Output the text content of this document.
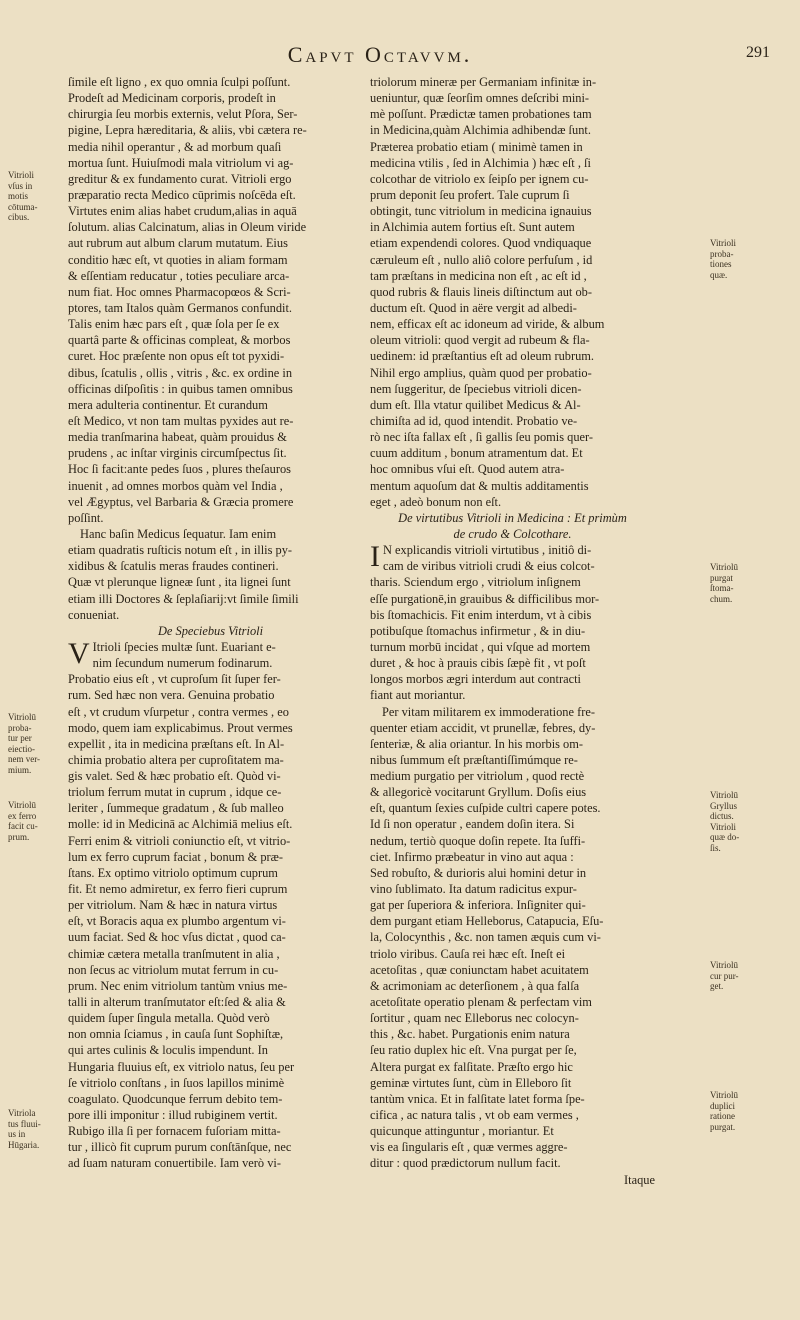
Capvt Octavvm.	291
ſimile eſt ligno , ex quo omnia ſculpi poſſunt.
Prodeſt ad Medicinam corporis, prodeſt in
chirurgia ſeu morbis externis, velut Pſora, Ser-
pigine, Lepra hæreditaria, & aliis, vbi cætera re-
media nihil operantur , & ad morbum quaſi
mortua ſunt. Huiuſmodi mala vitriolum vi ag-
greditur & ex fundamento curat. Vitrioli ergo
præparatio recta Medico cūprimis noſcēda eſt.
Virtutes enim alias habet crudum,alias in aquā
ſolutum. alias Calcinatum, alias in Oleum viride
aut rubrum aut album clarum mutatum. Eius
conditio hæc eſt, vt quoties in aliam formam
& eſſentiam reducatur , toties peculiare arca-
num fiat. Hoc omnes Pharmacopœos & Scri-
ptores, tam Italos quàm Germanos confundit.
Talis enim hæc pars eſt , quæ ſola per ſe ex
quartâ parte & officinas compleat, & morbos
curet. Hoc præſente non opus eſt tot pyxidi-
dibus, ſcatulis , ollis , vitris , &c. ex ordine in
officinas diſpoſitis : in quibus tamen omnibus
mera adulteria continentur. Et curandum
eſt Medico, vt non tam multas pyxides aut re-
media tranſmarina habeat, quàm prouidus &
prudens , ac inſtar virginis circumſpectus ſit.
Hoc ſi facit:ante pedes ſuos , plures theſauros
inuenit , ad omnes morbos quàm vel India ,
vel Ægyptus, vel Barbaria & Græcia promere
poſſint.
Hanc baſin Medicus ſequatur. Iam enim
etiam quadratis ruſticis notum eſt , in illis py-
xidibus & ſcatulis meras fraudes contineri.
Quæ vt plerunque ligneæ ſunt , ita lignei ſunt
etiam illi Doctores & ſeplaſiarij:vt ſimile ſimili
conueniat.
De Speciebus Vitrioli
V Itrioli ſpecies multæ ſunt. Euariant e-
nim ſecundum numerum fodinarum.
Probatio eius eſt , vt cuproſum ſit ſuper fer-
rum. Sed hæc non vera. Genuina probatio
eſt , vt crudum vſurpetur , contra vermes , eo
modo, quem iam explicabimus. Prout vermes
expellit , ita in medicina præſtans eſt. In Al-
chimia probatio altera per cuproſitatem ma-
gis valet. Sed & hæc probatio eſt. Quòd vi-
triolum ferrum mutat in cuprum , idque ce-
leriter , ſummeque gradatum , & ſub malleo
molle: id in Medicinā ac Alchimiā melius eſt.
Ferri enim & vitrioli coniunctio eſt, vt vitrio-
lum ex ferro cuprum faciat , bonum & præ-
ſtans. Ex optimo vitriolo optimum cuprum
fit. Et nemo admiretur, ex ferro fieri cuprum
per vitriolum. Nam & hæc in natura virtus
eſt, vt Boracis aqua ex plumbo argentum vi-
uum faciat. Sed & hoc vſus dictat , quod ca-
chimiæ cætera metalla tranſmutent in alia ,
non ſecus ac vitriolum mutat ferrum in cu-
prum. Nec enim vitriolum tantùm vnius me-
talli in alterum tranſmutator eſt:ſed & alia &
quidem ſuper ſingula metalla. Quòd verò
non omnia ſciamus , in cauſa ſunt Sophiſtæ,
qui artes culinis & loculis impendunt. In
Hungaria fluuius eſt, ex vitriolo natus, ſeu per
ſe vitriolo conſtans , in ſuos lapillos minimè
coagulato. Quodcunque ferrum debito tem-
pore illi imponitur : illud rubiginem vertit.
Rubigo illa ſi per fornacem fuſoriam mitta-
tur , illicò fit cuprum purum conſtānſque, nec
ad ſuam naturam conuertibile. Iam verò vi-
triolorum mineræ per Germaniam infinitæ in-
ueniuntur, quæ ſeorſim omnes deſcribi mini-
mè poſſunt. Prædictæ tamen probationes tam
in Medicina,quàm Alchimia adhibendæ ſunt.
Præterea probatio etiam ( minimè tamen in
medicina vtilis , ſed in Alchimia ) hæc eſt , ſi
colcothar de vitriolo ex ſeipſo per ignem cu-
prum deponit ſeu profert. Tale cuprum ſi
obtingit, tunc vitriolum in medicina ignauius
in Alchimia autem fortius eſt. Sunt autem
etiam expendendi colores. Quod vndiquaque
cæruleum eſt , nullo aliô colore perfuſum , id
tam præſtans in medicina non eſt , ac eſt id ,
quod rubris & flauis lineis diſtinctum aut ob-
ductum eſt. Quod in aëre vergit ad albedi-
nem, efficax eſt ac idoneum ad viride, & album
oleum vitrioli: quod vergit ad rubeum & fla-
uedinem: id præſtantius eſt ad oleum rubrum.
Nihil ergo amplius, quàm quod per probatio-
nem ſuggeritur, de ſpeciebus vitrioli dicen-
dum eſt. Illa vtatur quilibet Medicus & Al-
chimiſta ad id, quod intendit. Probatio ve-
rò nec iſta fallax eſt , ſi gallis ſeu pomis quer-
cuum additum , bonum atramentum dat. Et
hoc omnibus vſui eſt. Quod autem atra-
mentum aquoſum dat & multis additamentis
eget , adeò bonum non eſt.
De virtutibus Vitrioli in Medicina : Et primùm
de crudo & Colcothare.
I N explicandis vitrioli virtutibus , initiô di-
cam de viribus vitrioli crudi & eius colcot-
tharis. Sciendum ergo , vitriolum inſignem
eſſe purgationē,in grauibus & difficilibus mor-
bis ſtomachicis. Fit enim interdum, vt à cibis
potibuſque ſtomachus infirmetur , & in diu-
turnum morbū incidat , qui vſque ad mortem
duret , & hoc à prauis cibis ſæpè fit , vt poſt
longos morbos ægri interdum aut contracti
fiant aut moriantur.
Per vitam militarem ex immoderatione fre-
quenter etiam accidit, vt prunellæ, febres, dy-
ſenteriæ, & alia oriantur. In his morbis om-
nibus ſummum eſt præſtantiſſimúmque re-
medium purgatio per vitriolum , quod rectè
& allegoricè vocitarunt Gryllum. Doſis eius
eſt, quantum ſexies cuſpide cultri capere potes.
Id ſi non operatur , eandem doſin itera. Si
nedum, tertiò quoque doſin repete. Ita ſuffi-
ciet. Infirmo præbeatur in vino aut aqua :
Sed robuſto, & durioris alui homini detur in
vino ſublimato. Ita datum radicitus expur-
gat per ſuperiora & inferiora. Inſigniter qui-
dem purgant etiam Helleborus, Catapucia, Eſu-
la, Colocynthis , &c. non tamen æquis cum vi-
triolo viribus. Cauſa rei hæc eſt. Ineſt ei
acetoſitas , quæ coniunctam habet acuitatem
& acrimoniam ac deterſionem , à qua falſa
acetoſitate operatio plenam & perfectam vim
ſortitur , quam nec Elleborus nec colocyn-
this , &c. habet. Purgationis enim natura
ſeu ratio duplex hic eſt. Vna purgat per ſe,
Altera purgat ex falſitate. Præſto ergo hic
geminæ virtutes ſunt, cùm in Elleboro ſit
tantùm vnica. Et in falſitate latet forma ſpe-
cifica , ac natura talis , vt ob eam vermes ,
quicunque attinguntur , moriantur. Et
vis ea ſingularis eſt , quæ vermes aggre-
ditur : quod prædictorum nullum facit.
Itaque
Vitrioli
vſus in
motis
cōtuma-
cibus.
Vitriolū
proba-
tur per
eiectio-
nem ver-
mium.
Vitriolū
ex ferro
facit cu-
prum.
Vitriola
tus fluui-
us in
Hūgaria.
Vitrioli
proba-
tiones
quæ.
Vitriolū
purgat
ſtoma-
chum.
Vitriolū
Gryllus
dictus.
Vitrioli
quæ do-
ſis.
Vitriolū
cur pur-
get.
Vitriolū
duplici
ratione
purgat.
